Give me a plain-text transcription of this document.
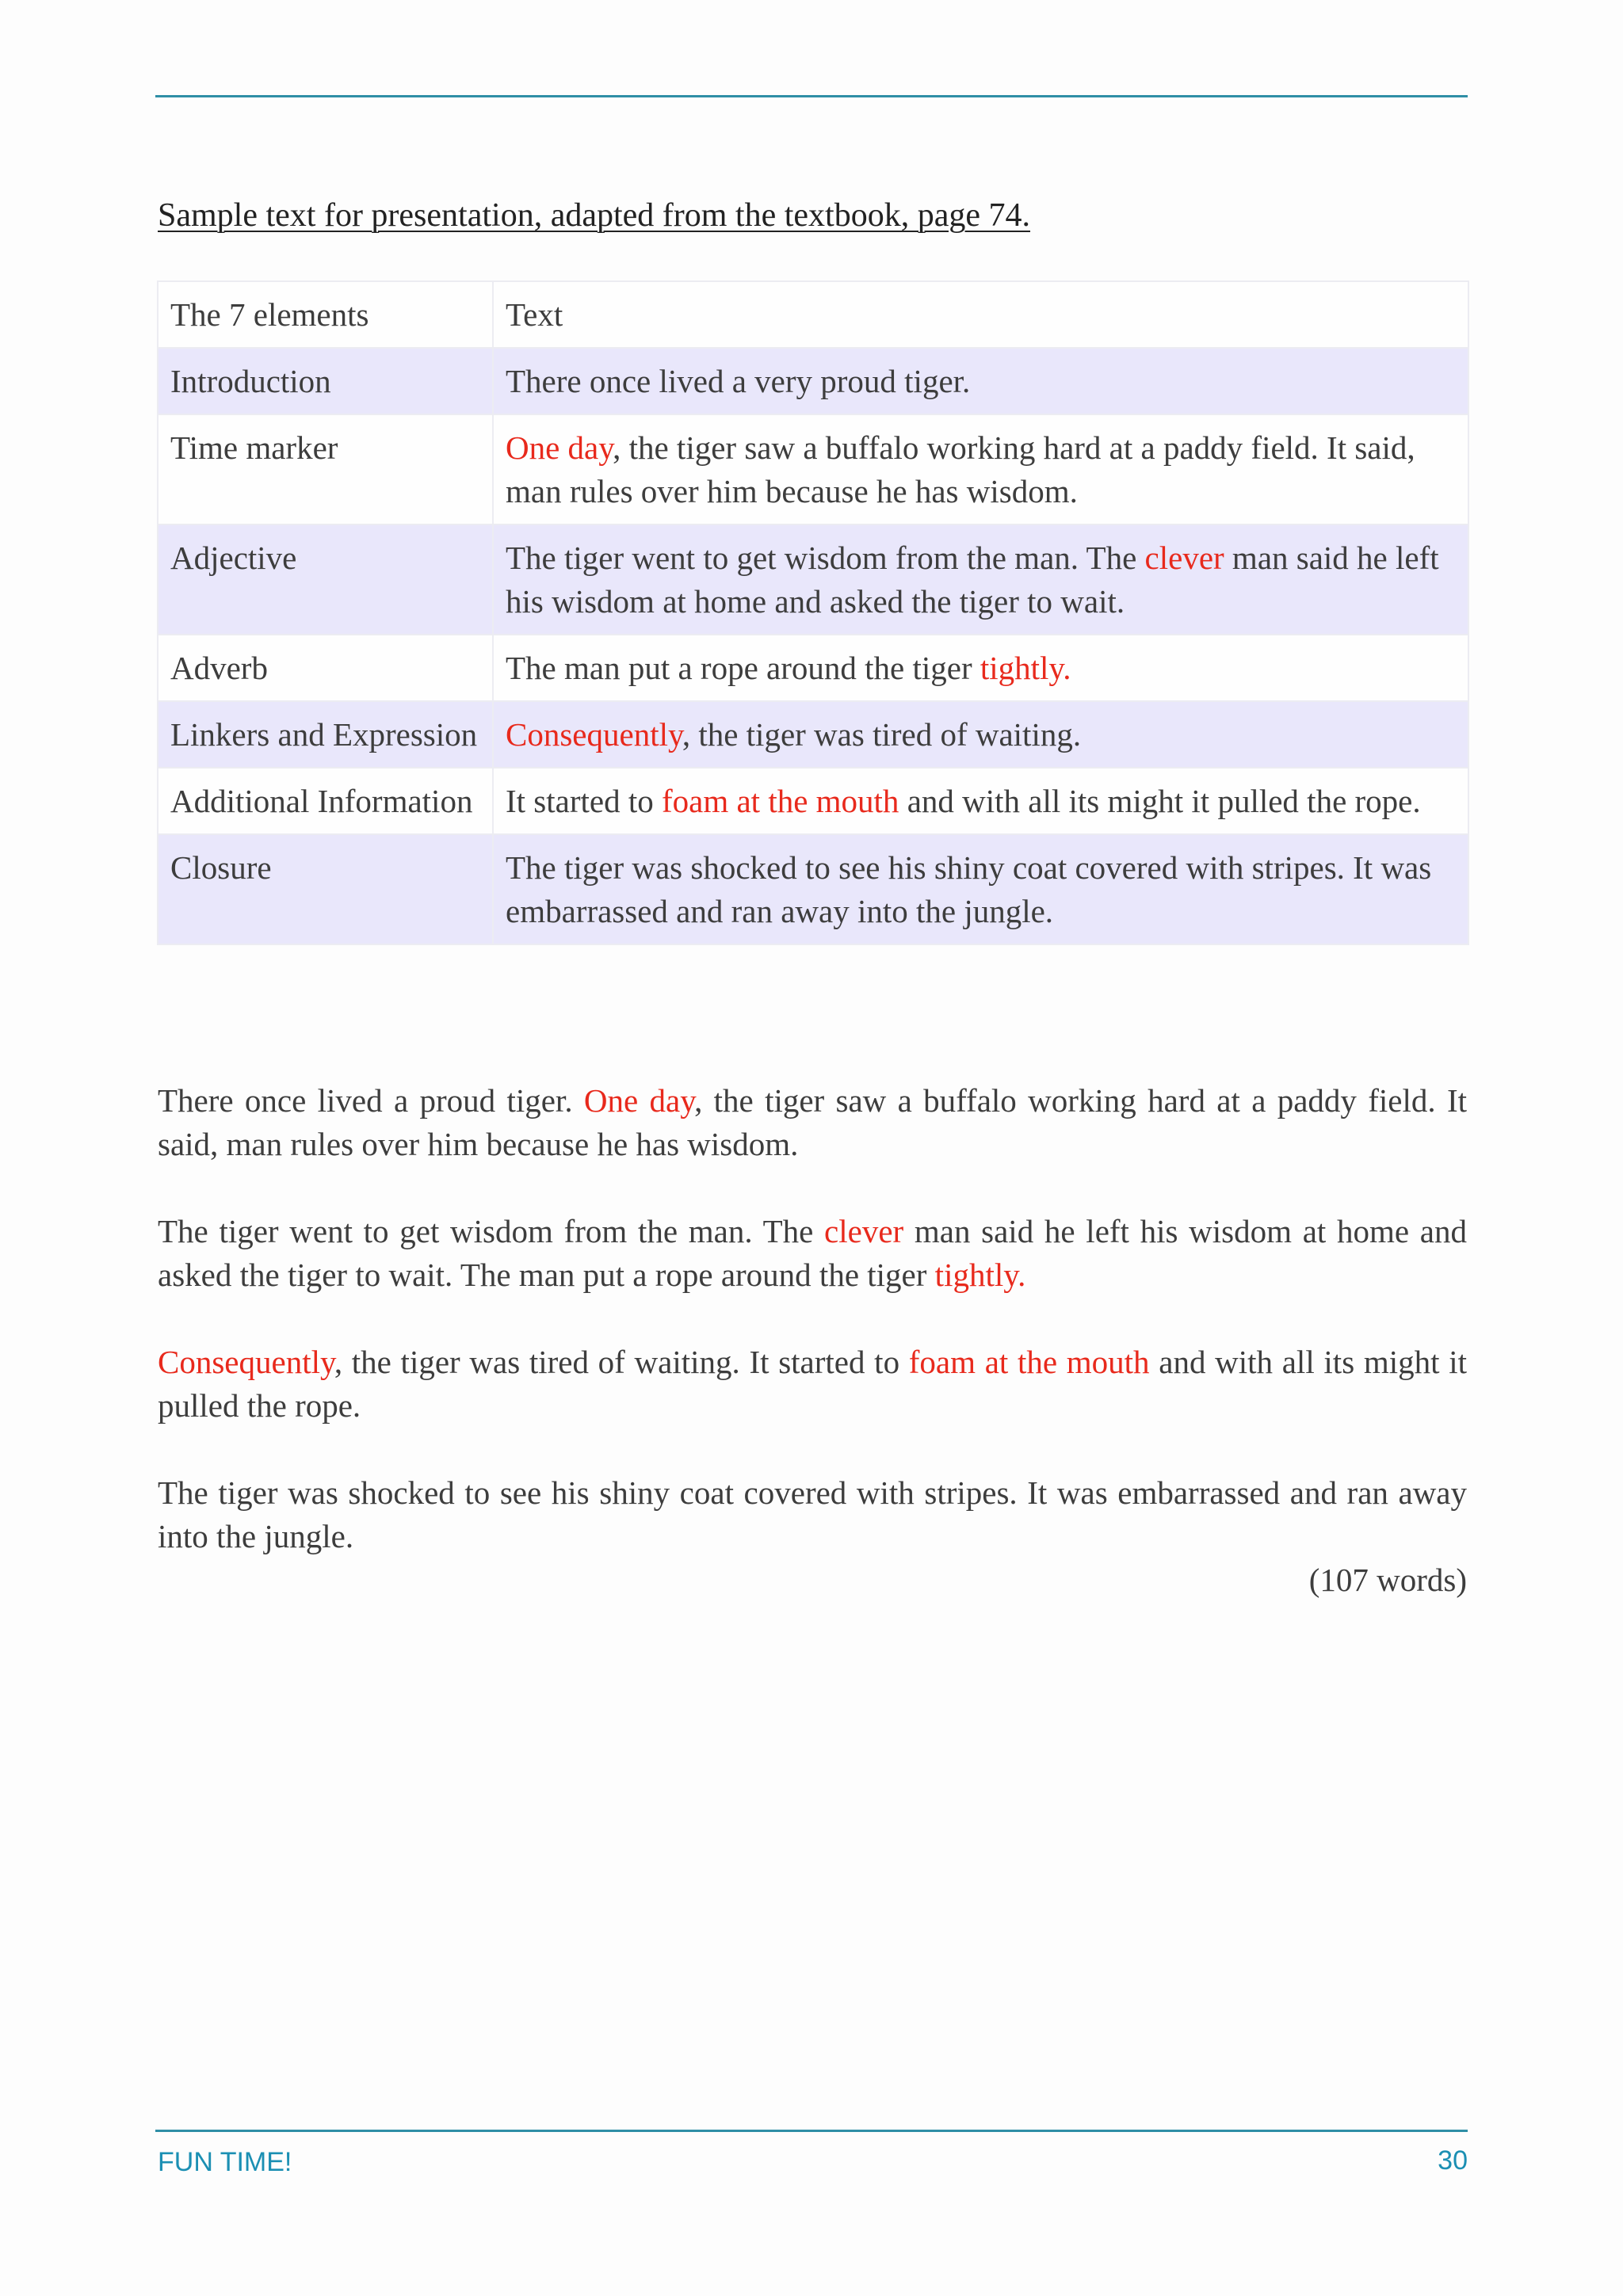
Sample text for presentation, adapted from the textbook, page 74.
The 7 elements	Text
Introduction	There once lived a very proud tiger.
Time marker	One day, the tiger saw a buffalo working hard at a paddy field. It said, man rules over him because he has wisdom.
Adjective	The tiger went to get wisdom from the man. The clever man said he left his wisdom at home and asked the tiger to wait.
Adverb	The man put a rope around the tiger tightly.
Linkers and Expression	Consequently, the tiger was tired of waiting.
Additional Information	It started to foam at the mouth and with all its might it pulled the rope.
Closure	The tiger was shocked to see his shiny coat covered with stripes. It was embarrassed and ran away into the jungle.

There once lived a proud tiger. One day, the tiger saw a buffalo working hard at a paddy field. It said, man rules over him because he has wisdom.

The tiger went to get wisdom from the man. The clever man said he left his wisdom at home and asked the tiger to wait. The man put a rope around the tiger tightly.

Consequently, the tiger was tired of waiting. It started to foam at the mouth and with all its might it pulled the rope.

The tiger was shocked to see his shiny coat covered with stripes. It was embarrassed and ran away into the jungle.

(107 words)
FUN TIME!	30
